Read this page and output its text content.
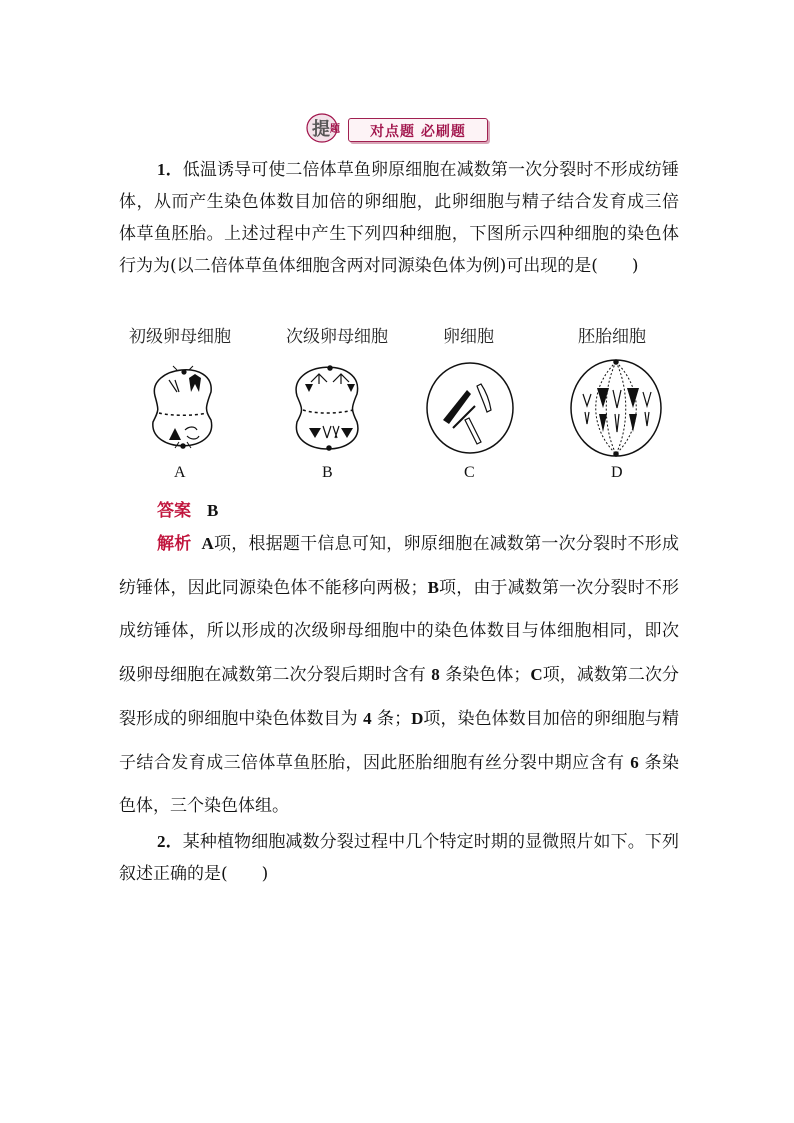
提 题	对点题 必刷题

1．低温诱导可使二倍体草鱼卵原细胞在减数第一次分裂时不形成纺锤体，从而产生染色体数目加倍的卵细胞，此卵细胞与精子结合发育成三倍体草鱼胚胎。上述过程中产生下列四种细胞，下图所示四种细胞的染色体行为为(以二倍体草鱼体细胞含两对同源染色体为例)可出现的是(　　)

初级卵母细胞	次级卵母细胞	卵细胞	胚胎细胞
A	B	C	D
答案 B

解析 A项，根据题干信息可知，卵原细胞在减数第一次分裂时不形成纺锤体，因此同源染色体不能移向两极；B项，由于减数第一次分裂时不形成纺锤体，所以形成的次级卵母细胞中的染色体数目与体细胞相同，即次级卵母细胞在减数第二次分裂后期时含有 8 条染色体；C项，减数第二次分裂形成的卵细胞中染色体数目为 4 条；D项，染色体数目加倍的卵细胞与精子结合发育成三倍体草鱼胚胎，因此胚胎细胞有丝分裂中期应含有 6 条染色体，三个染色体组。

2．某种植物细胞减数分裂过程中几个特定时期的显微照片如下。下列叙述正确的是(　　)
